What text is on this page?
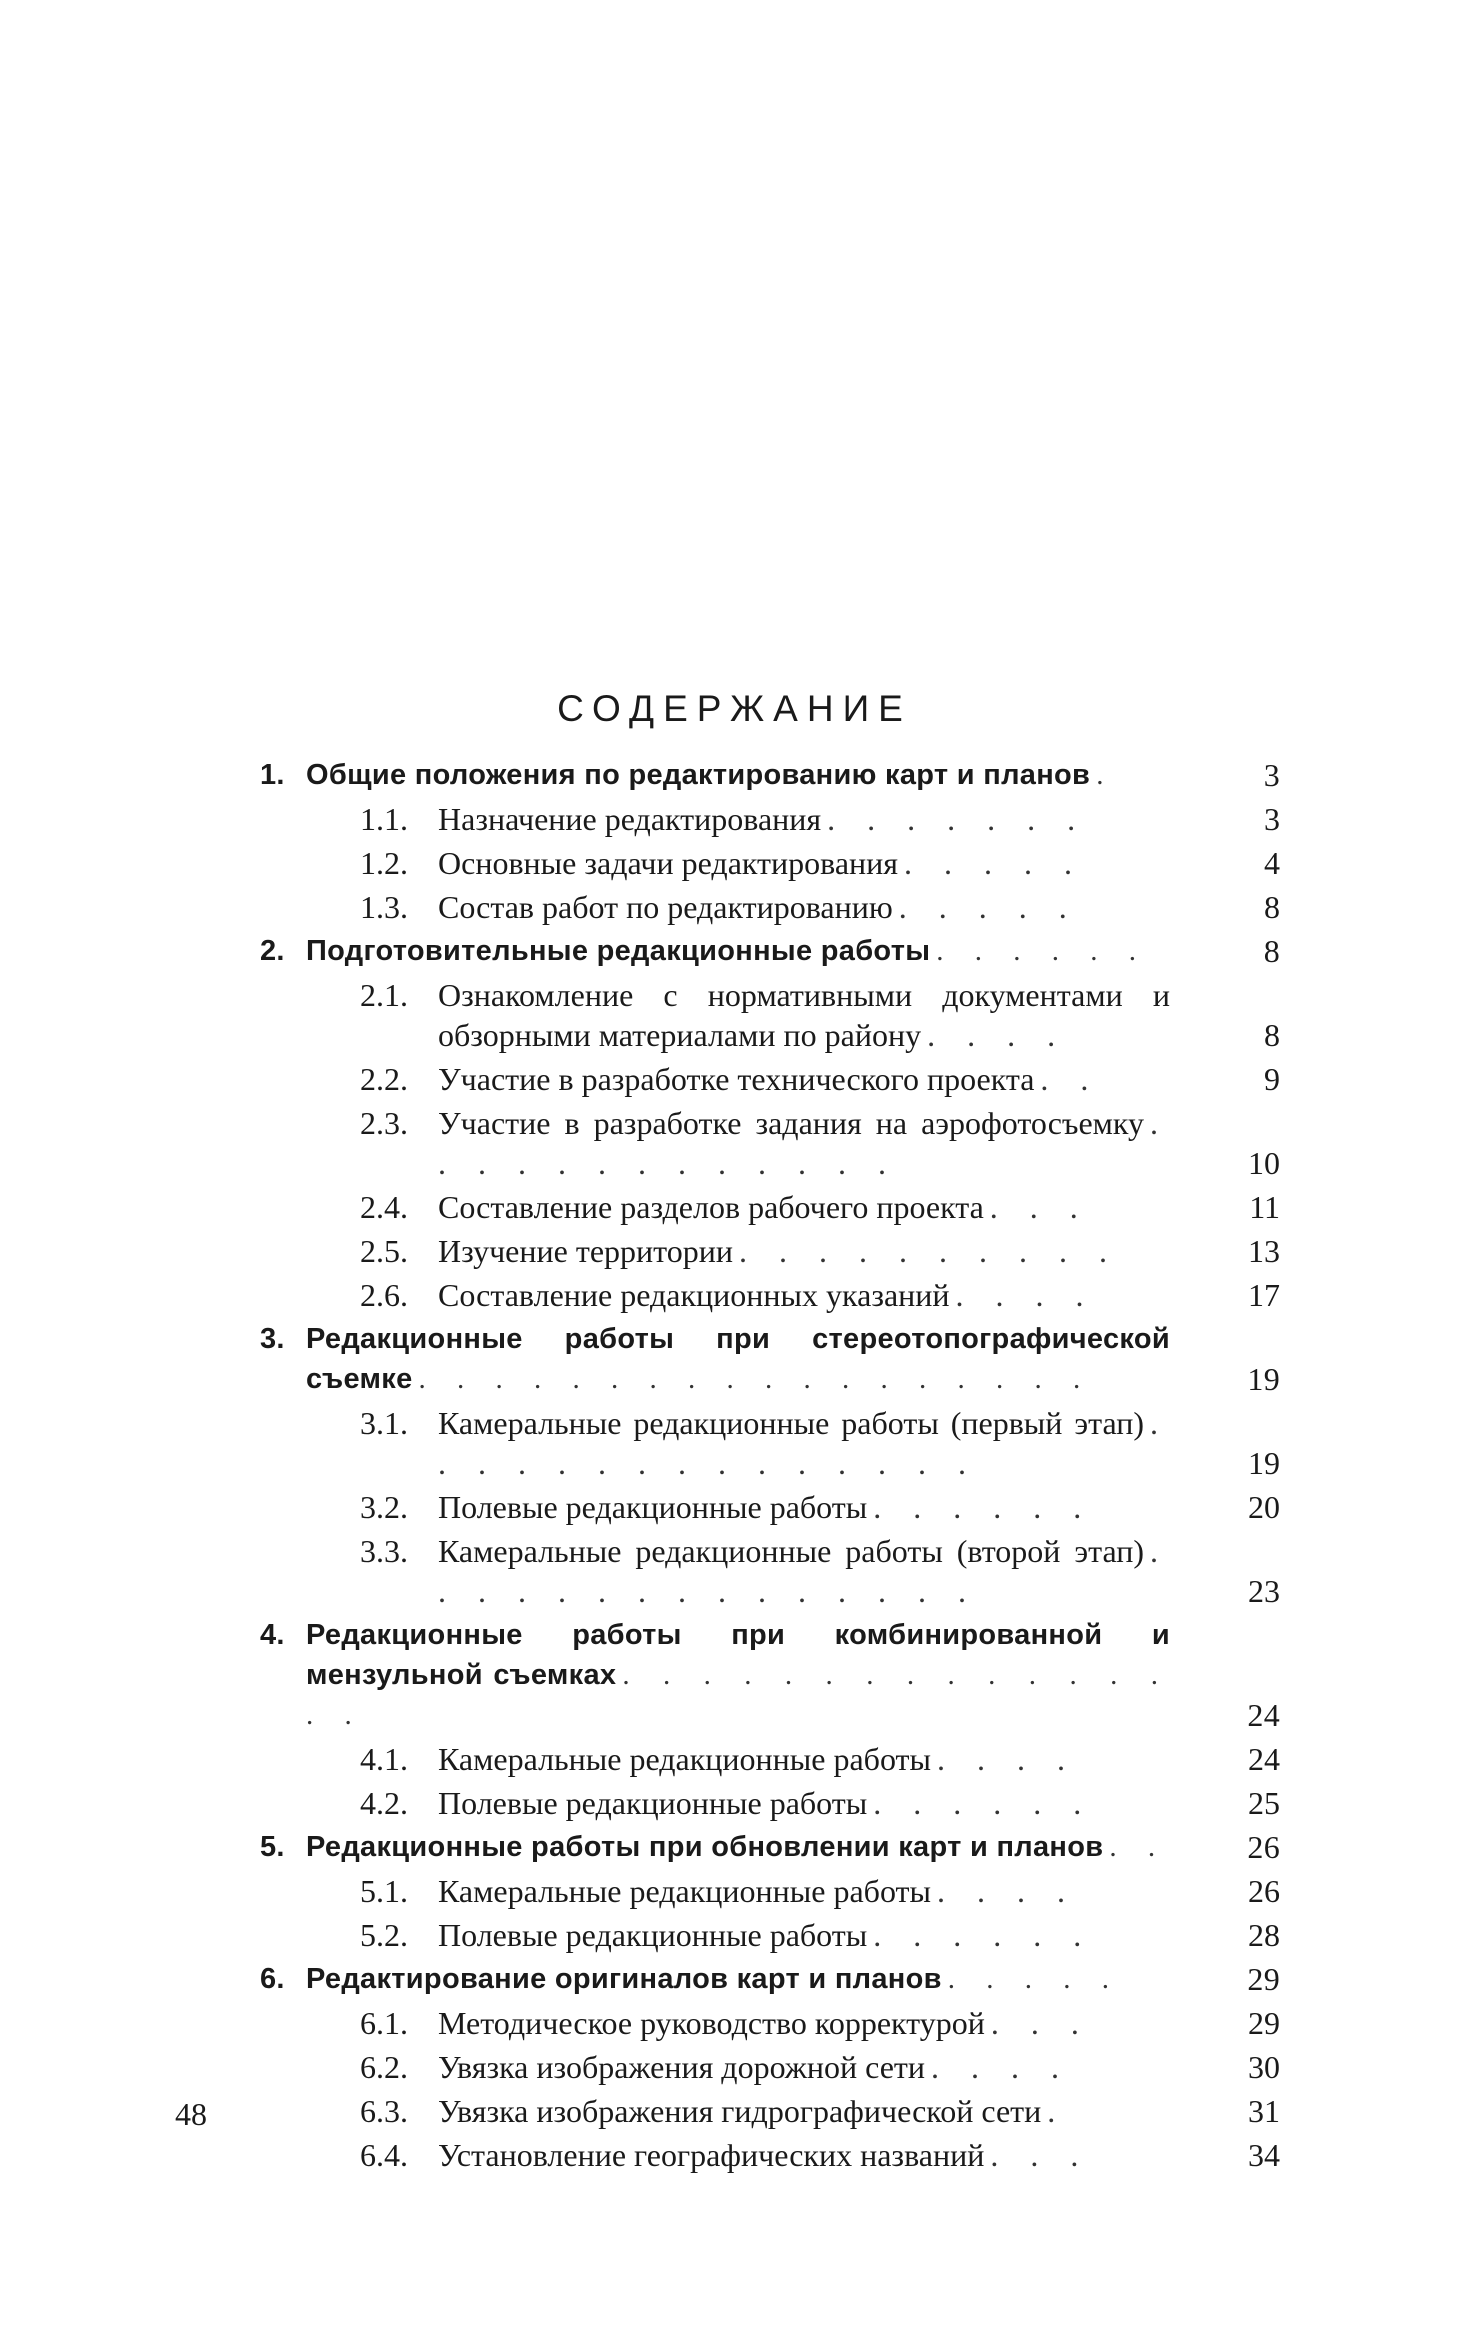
СОДЕРЖАНИЕ
1. Общие положения по редактированию карт и планов .	3
1.1. Назначение редактирования . . . . . . .	3
1.2. Основные задачи редактирования . . . . .	4
1.3. Состав работ по редактированию . . . . .	8
2. Подготовительные редакционные работы . . . . . .	8
2.1. Ознакомление с нормативными документами и обзорными материалами по району . . . .	8
2.2. Участие в разработке технического проекта . .	9
2.3. Участие в разработке задания на аэрофотосъемку . . . . . . . . . . . . .	10
2.4. Составление разделов рабочего проекта . . .	11
2.5. Изучение территории . . . . . . . . . .	13
2.6. Составление редакционных указаний . . . .	17
3. Редакционные работы при стереотопографической съемке . . . . . . . . . . . . . . . . . .	19
3.1. Камеральные редакционные работы (первый этап) . . . . . . . . . . . . . . .	19
3.2. Полевые редакционные работы . . . . . .	20
3.3. Камеральные редакционные работы (второй этап) . . . . . . . . . . . . . . .	23
4. Редакционные работы при комбинированной и мензульной съемках . . . . . . . . . . . . . . . .	24
4.1. Камеральные редакционные работы . . . .	24
4.2. Полевые редакционные работы . . . . . .	25
5. Редакционные работы при обновлении карт и планов . .	26
5.1. Камеральные редакционные работы . . . .	26
5.2. Полевые редакционные работы . . . . . .	28
6. Редактирование оригиналов карт и планов . . . . .	29
6.1. Методическое руководство корректурой . . .	29
6.2. Увязка изображения дорожной сети . . . .	30
6.3. Увязка изображения гидрографической сети .	31
6.4. Установление географических названий . . .	34
48
